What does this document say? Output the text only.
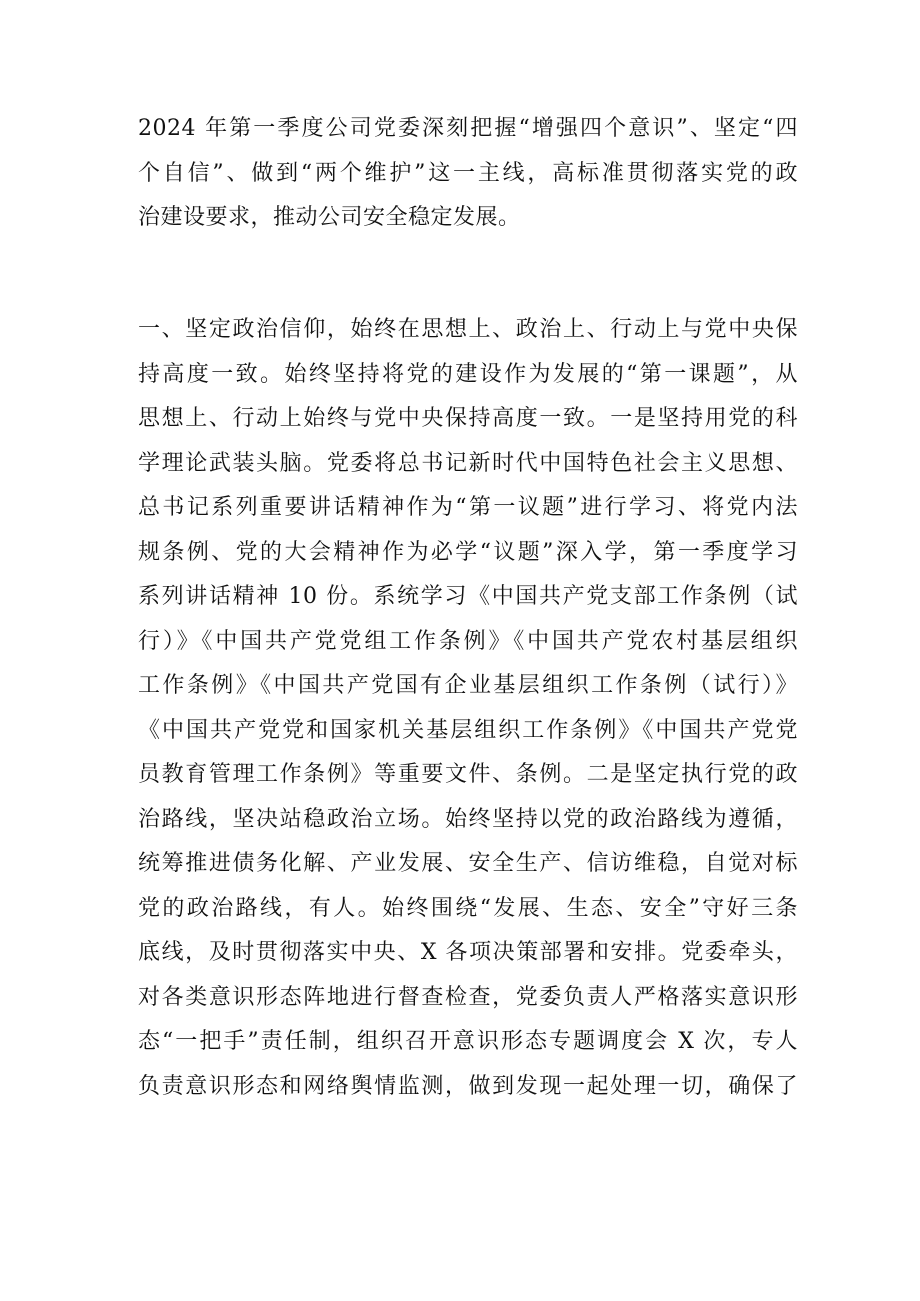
2024 年第一季度公司党委深刻把握“增强四个意识”、坚定“四
个自信”、做到“两个维护”这一主线，高标准贯彻落实党的政
治建设要求，推动公司安全稳定发展。
一、坚定政治信仰，始终在思想上、政治上、行动上与党中央保
持高度一致。始终坚持将党的建设作为发展的“第一课题”，从
思想上、行动上始终与党中央保持高度一致。一是坚持用党的科
学理论武装头脑。党委将总书记新时代中国特色社会主义思想、
总书记系列重要讲话精神作为“第一议题”进行学习、将党内法
规条例、党的大会精神作为必学“议题”深入学，第一季度学习
系列讲话精神 10 份。系统学习《中国共产党支部工作条例（试
行）》《中国共产党党组工作条例》《中国共产党农村基层组织
工作条例》《中国共产党国有企业基层组织工作条例（试行）》
《中国共产党党和国家机关基层组织工作条例》《中国共产党党
员教育管理工作条例》等重要文件、条例。二是坚定执行党的政
治路线，坚决站稳政治立场。始终坚持以党的政治路线为遵循，
统筹推进债务化解、产业发展、安全生产、信访维稳，自觉对标
党的政治路线，有人。始终围绕“发展、生态、安全”守好三条
底线，及时贯彻落实中央、X 各项决策部署和安排。党委牵头，
对各类意识形态阵地进行督查检查，党委负责人严格落实意识形
态“一把手”责任制，组织召开意识形态专题调度会 X 次，专人
负责意识形态和网络舆情监测，做到发现一起处理一切，确保了
